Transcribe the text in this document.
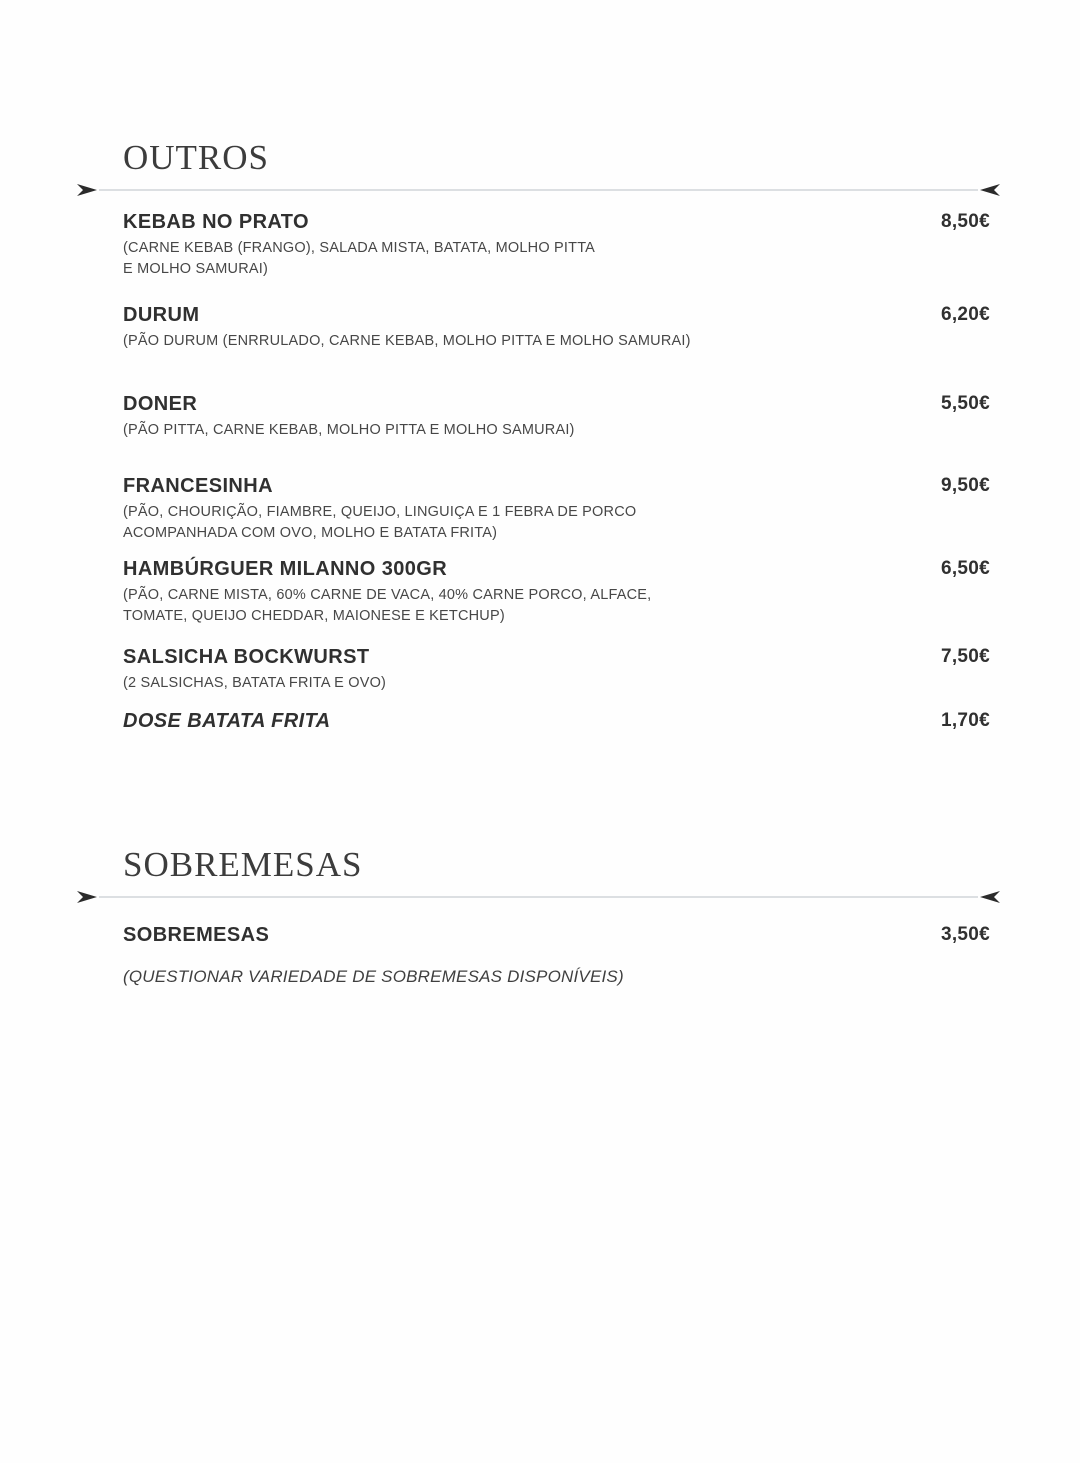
OUTROS
KEBAB NO PRATO
(CARNE KEBAB (FRANGO), SALADA MISTA, BATATA, MOLHO PITTA
E MOLHO SAMURAI)
8,50€
DURUM
(PÃO DURUM (ENRRULADO, CARNE KEBAB, MOLHO PITTA E MOLHO SAMURAI)
6,20€
DONER
(PÃO PITTA, CARNE KEBAB, MOLHO PITTA E MOLHO SAMURAI)
5,50€
FRANCESINHA
(PÃO, CHOURIÇÃO, FIAMBRE, QUEIJO, LINGUIÇA E 1 FEBRA DE PORCO
ACOMPANHADA COM OVO, MOLHO E BATATA FRITA)
9,50€
HAMBÚRGUER MILANNO 300GR
(PÃO, CARNE MISTA, 60% CARNE DE VACA, 40% CARNE PORCO, ALFACE,
TOMATE, QUEIJO CHEDDAR, MAIONESE E KETCHUP)
6,50€
SALSICHA BOCKWURST
(2 SALSICHAS, BATATA FRITA E OVO)
7,50€
DOSE BATATA FRITA	1,70€
SOBREMESAS
SOBREMESAS
(QUESTIONAR VARIEDADE DE SOBREMESAS DISPONÍVEIS)
3,50€
